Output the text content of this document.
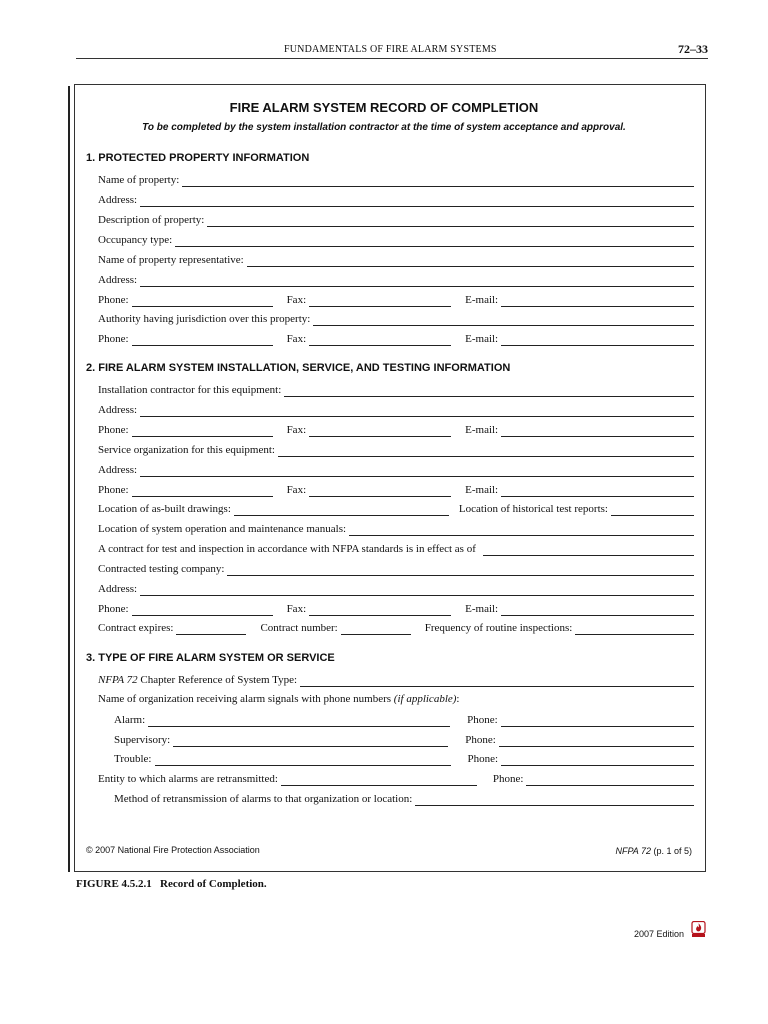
FUNDAMENTALS OF FIRE ALARM SYSTEMS	72–33
FIRE ALARM SYSTEM RECORD OF COMPLETION
To be completed by the system installation contractor at the time of system acceptance and approval.
1. PROTECTED PROPERTY INFORMATION
Name of property:
Address:
Description of property:
Occupancy type:
Name of property representative:
Address:
Phone:	Fax:	E-mail:
Authority having jurisdiction over this property:
Phone:	Fax:	E-mail:
2. FIRE ALARM SYSTEM INSTALLATION, SERVICE, AND TESTING INFORMATION
Installation contractor for this equipment:
Address:
Phone:	Fax:	E-mail:
Service organization for this equipment:
Address:
Phone:	Fax:	E-mail:
Location of as-built drawings:	Location of historical test reports:
Location of system operation and maintenance manuals:
A contract for test and inspection in accordance with NFPA standards is in effect as of
Contracted testing company:
Address:
Phone:	Fax:	E-mail:
Contract expires:	Contract number:	Frequency of routine inspections:
3. TYPE OF FIRE ALARM SYSTEM OR SERVICE
NFPA 72 Chapter Reference of System Type:
Name of organization receiving alarm signals with phone numbers (if applicable):
Alarm:	Phone:
Supervisory:	Phone:
Trouble:	Phone:
Entity to which alarms are retransmitted:	Phone:
Method of retransmission of alarms to that organization or location:
© 2007 National Fire Protection Association	NFPA 72 (p. 1 of 5)
FIGURE 4.5.2.1   Record of Completion.
2007 Edition
